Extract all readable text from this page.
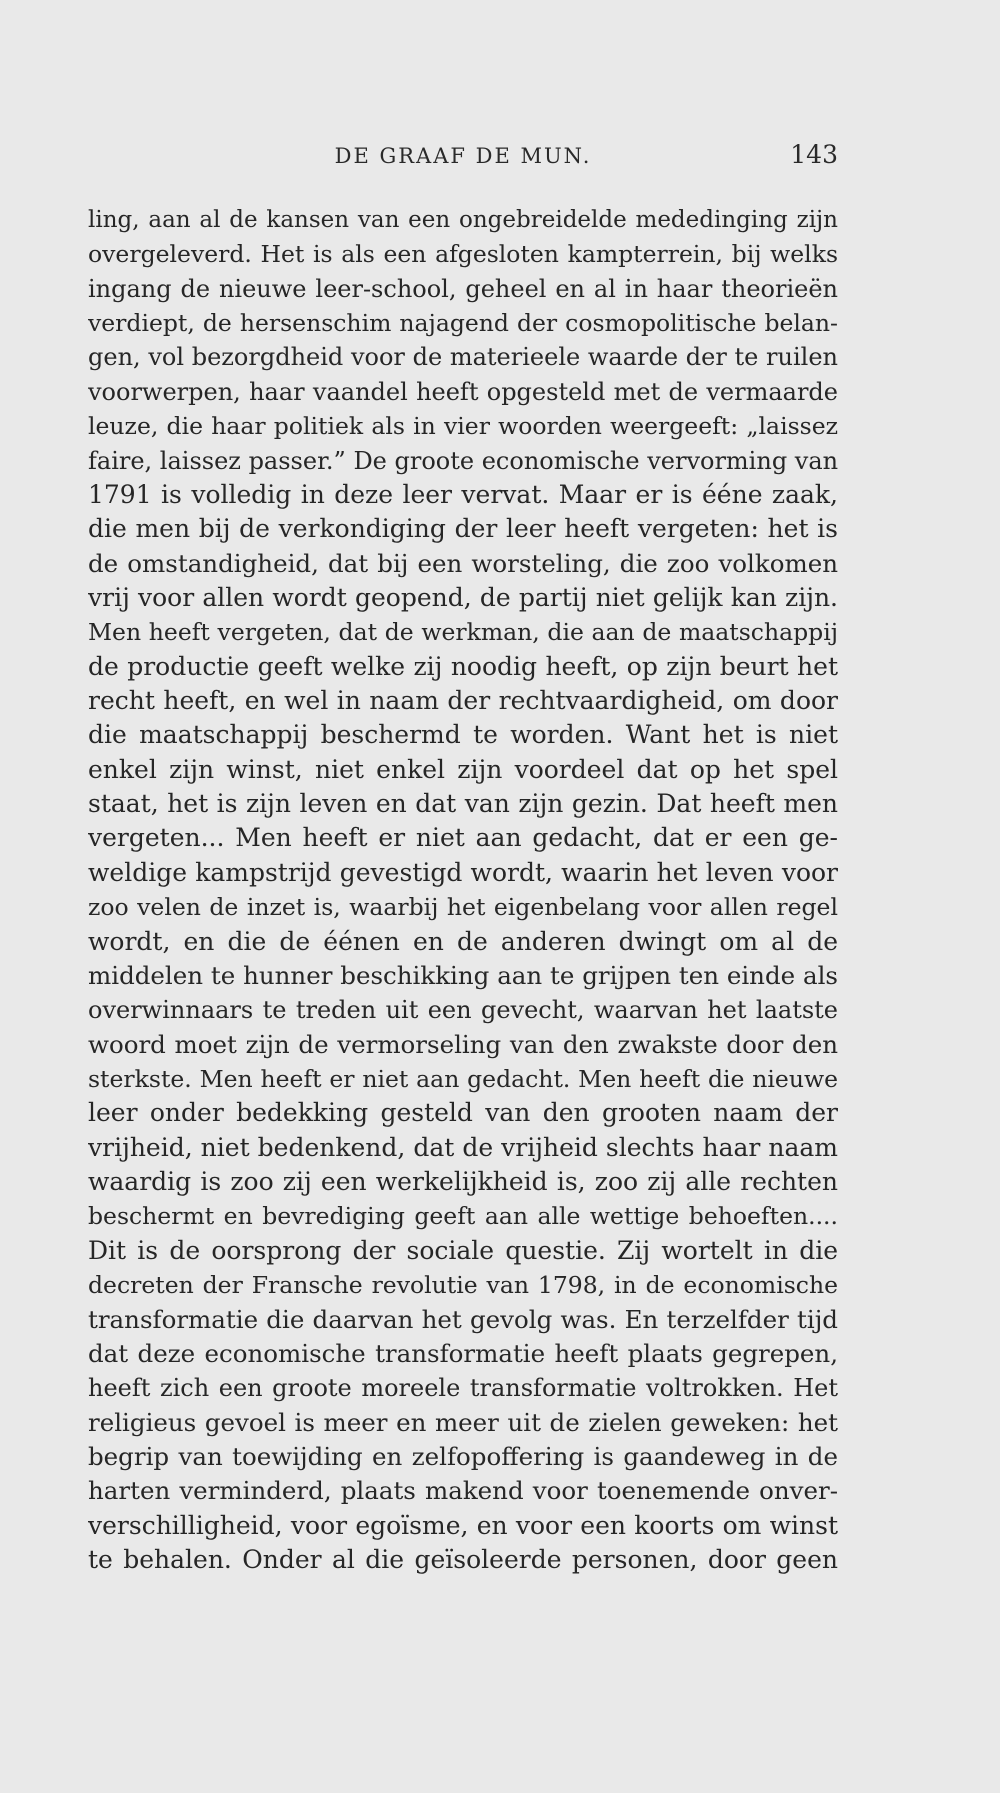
DE GRAAF DE MUN.	143
ling, aan al de kansen van een ongebreidelde mededinging zijn
overgeleverd. Het is als een afgesloten kampterrein, bij welks
ingang de nieuwe leer-school, geheel en al in haar theorieën
verdiept, de hersenschim najagend der cosmopolitische belan-
gen, vol bezorgdheid voor de materieele waarde der te ruilen
voorwerpen, haar vaandel heeft opgesteld met de vermaarde
leuze, die haar politiek als in vier woorden weergeeft: „laissez
faire, laissez passer.” De groote economische vervorming van
1791 is volledig in deze leer vervat. Maar er is ééne zaak,
die men bij de verkondiging der leer heeft vergeten: het is
de omstandigheid, dat bij een worsteling, die zoo volkomen
vrij voor allen wordt geopend, de partij niet gelijk kan zijn.
Men heeft vergeten, dat de werkman, die aan de maatschappij
de productie geeft welke zij noodig heeft, op zijn beurt het
recht heeft, en wel in naam der rechtvaardigheid, om door
die maatschappij beschermd te worden. Want het is niet
enkel zijn winst, niet enkel zijn voordeel dat op het spel
staat, het is zijn leven en dat van zijn gezin. Dat heeft men
vergeten... Men heeft er niet aan gedacht, dat er een ge-
weldige kampstrijd gevestigd wordt, waarin het leven voor
zoo velen de inzet is, waarbij het eigenbelang voor allen regel
wordt, en die de éénen en de anderen dwingt om al de
middelen te hunner beschikking aan te grijpen ten einde als
overwinnaars te treden uit een gevecht, waarvan het laatste
woord moet zijn de vermorseling van den zwakste door den
sterkste. Men heeft er niet aan gedacht. Men heeft die nieuwe
leer onder bedekking gesteld van den grooten naam der
vrijheid, niet bedenkend, dat de vrijheid slechts haar naam
waardig is zoo zij een werkelijkheid is, zoo zij alle rechten
beschermt en bevrediging geeft aan alle wettige behoeften....
Dit is de oorsprong der sociale questie. Zij wortelt in die
decreten der Fransche revolutie van 1798, in de economische
transformatie die daarvan het gevolg was. En terzelfder tijd
dat deze economische transformatie heeft plaats gegrepen,
heeft zich een groote moreele transformatie voltrokken. Het
religieus gevoel is meer en meer uit de zielen geweken: het
begrip van toewijding en zelfopoffering is gaandeweg in de
harten verminderd, plaats makend voor toenemende onver-
verschilligheid, voor egoïsme, en voor een koorts om winst
te behalen. Onder al die geïsoleerde personen, door geen
